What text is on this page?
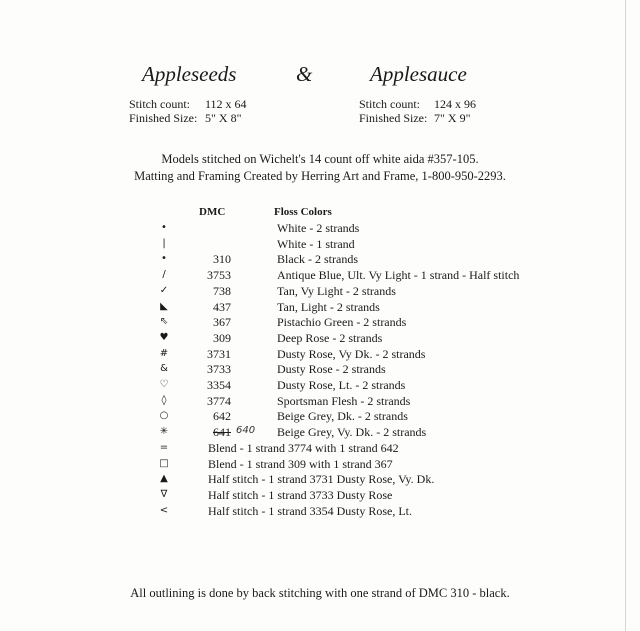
Appleseeds	&	Applesauce
Stitch count: 112 x 64
Finished Size: 5" X 8"
Stitch count: 124 x 96
Finished Size: 7" X 9"
Models stitched on Wichelt's 14 count off white aida #357-105.
Matting and Framing Created by Herring Art and Frame, 1-800-950-2293.
DMC	Floss Colors
•	White - 2 strands
|	White - 1 strand
•	310	Black - 2 strands
/	3753	Antique Blue, Ult. Vy Light - 1 strand - Half stitch
✓	738	Tan, Vy Light - 2 strands
◣	437	Tan, Light - 2 strands
⇖	367	Pistachio Green - 2 strands
♥	309	Deep Rose - 2 strands
#	3731	Dusty Rose, Vy Dk. - 2 strands
&	3733	Dusty Rose - 2 strands
♡	3354	Dusty Rose, Lt. - 2 strands
◊	3774	Sportsman Flesh - 2 strands
○	642	Beige Grey, Dk. - 2 strands
✳	641 640 Beige Grey, Vy. Dk. - 2 strands
=	Blend - 1 strand 3774 with 1 strand 642
□	Blend - 1 strand 309 with 1 strand 367
▲	Half stitch - 1 strand 3731 Dusty Rose, Vy. Dk.
∇	Half stitch - 1 strand 3733 Dusty Rose
<	Half stitch - 1 strand 3354 Dusty Rose, Lt.
All outlining is done by back stitching with one strand of DMC 310 - black.
